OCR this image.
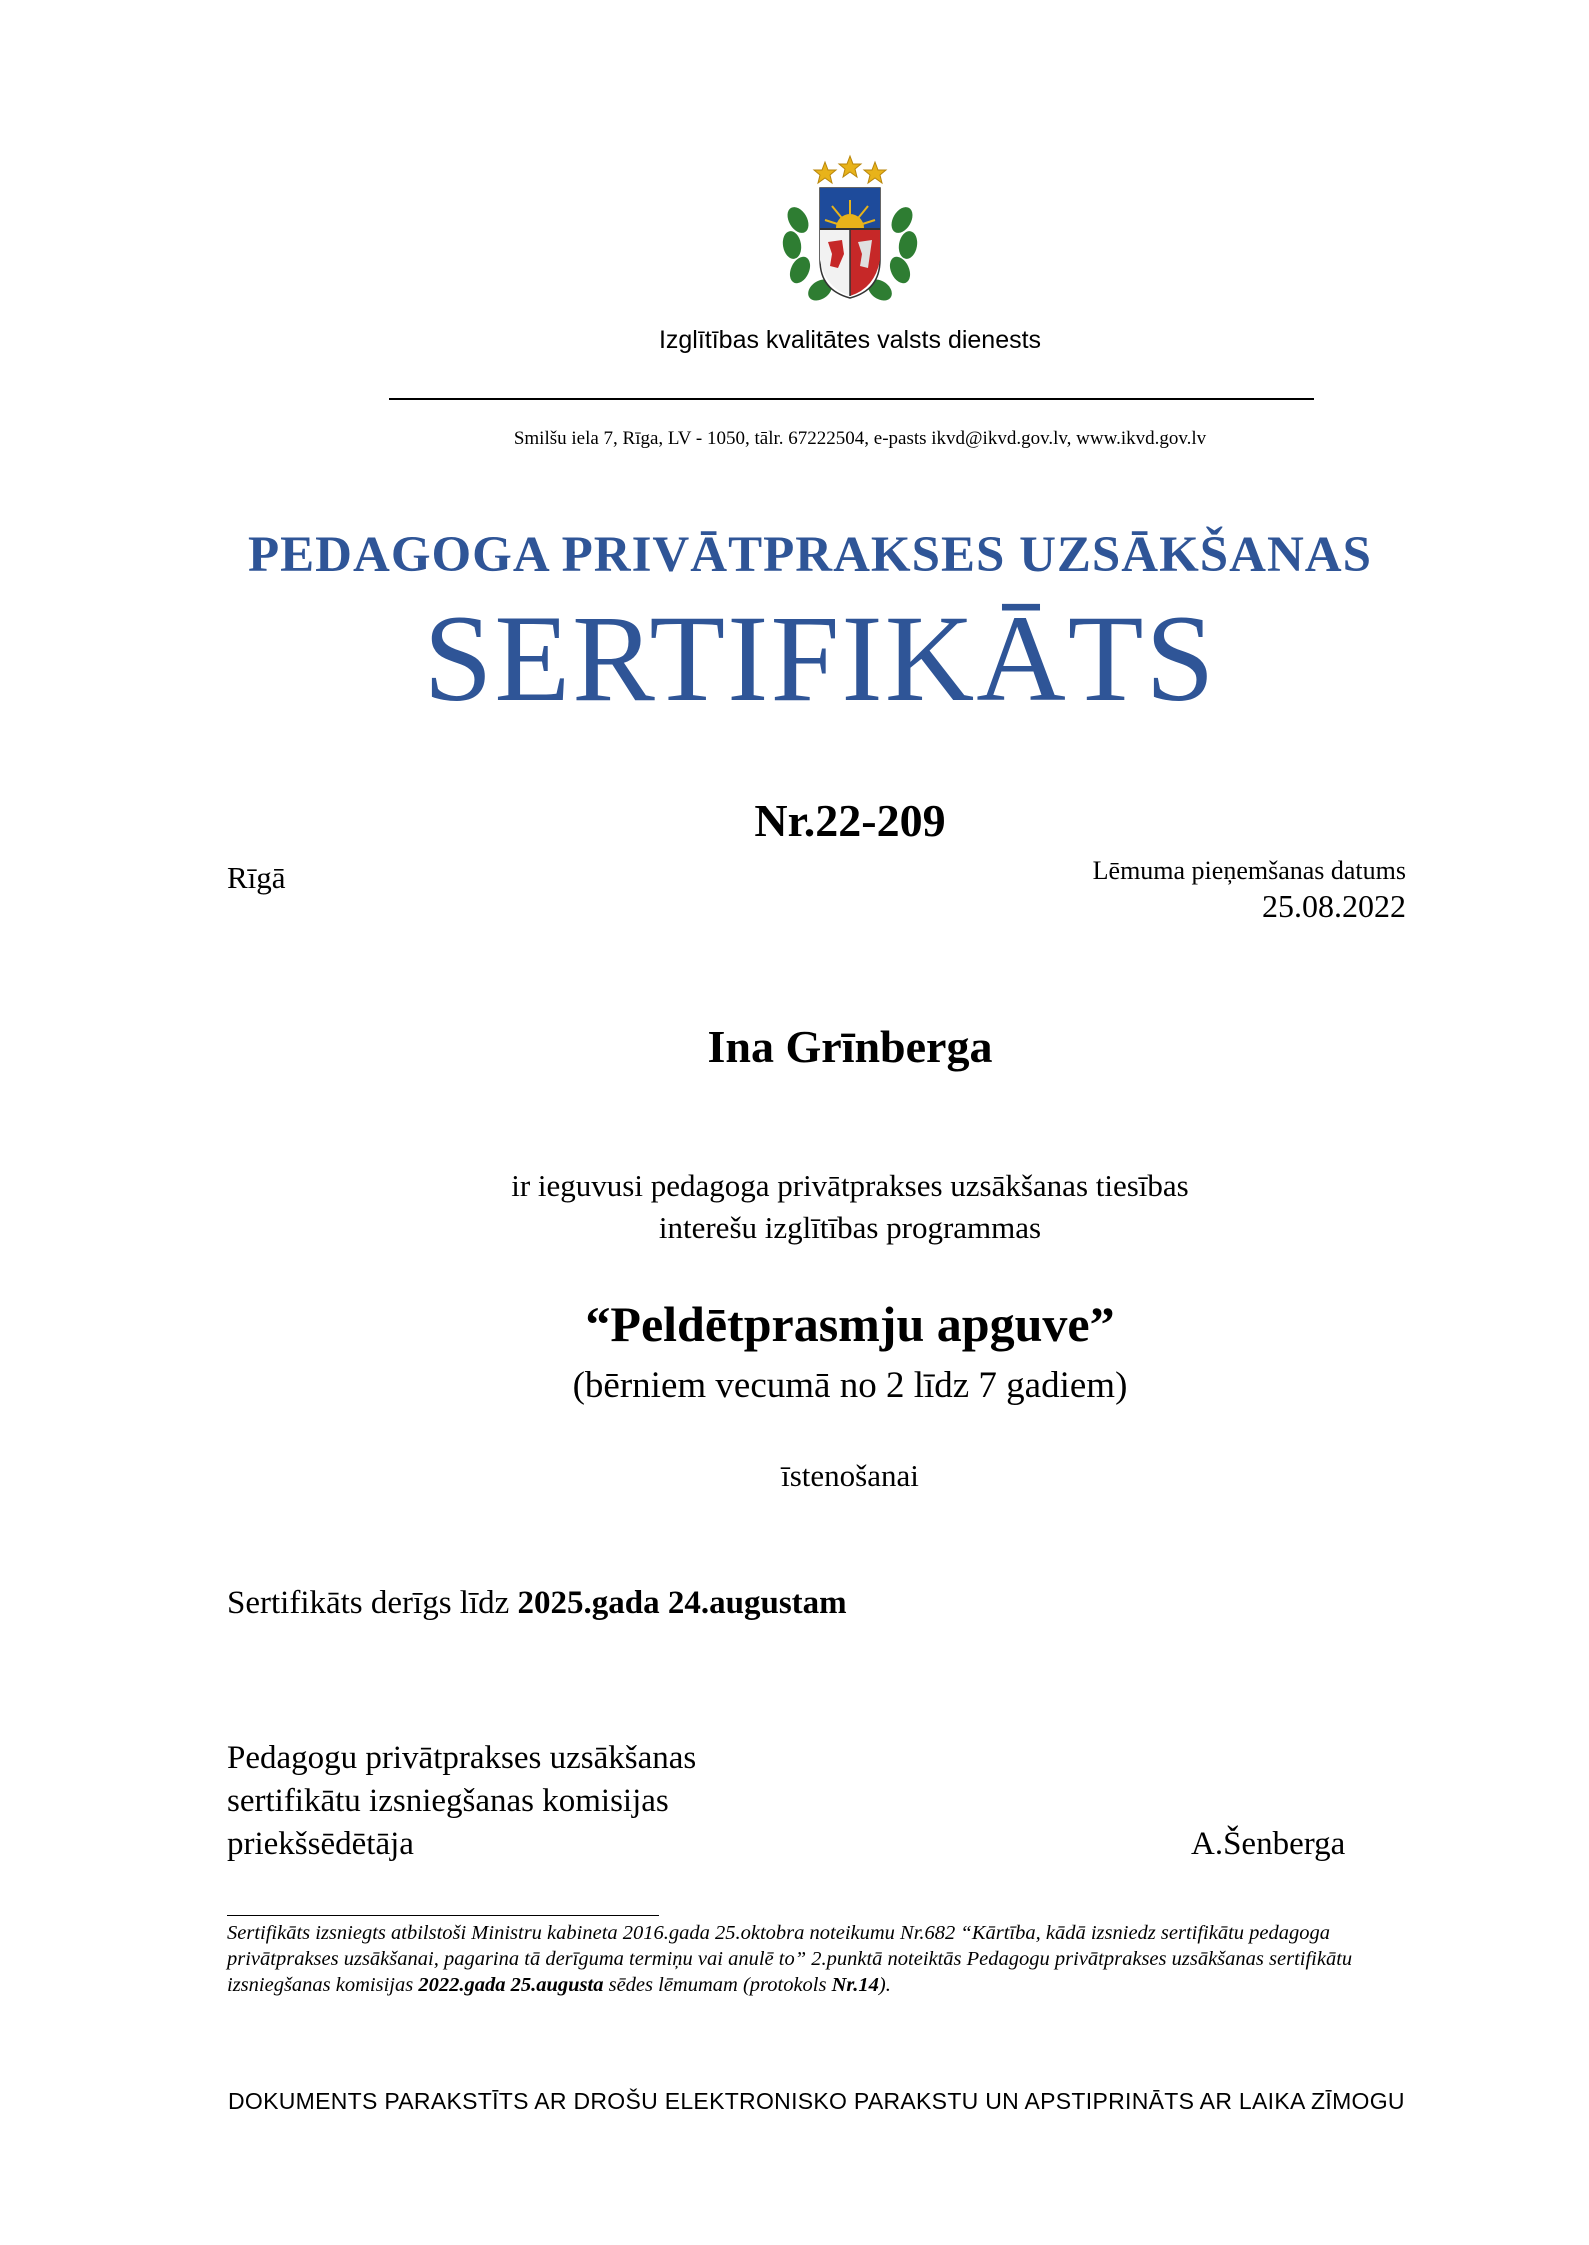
Izglītības kvalitātes valsts dienests
Smilšu iela 7, Rīga, LV - 1050, tālr. 67222504, e-pasts ikvd@ikvd.gov.lv, www.ikvd.gov.lv
PEDAGOGA PRIVĀTPRAKSES UZSĀKŠANAS
SERTIFIKĀTS
Nr.22-209
Rīgā	Lēmuma pieņemšanas datums
25.08.2022
Ina Grīnberga
ir ieguvusi pedagoga privātprakses uzsākšanas tiesības
interešu izglītības programmas
“Peldētprasmju apguve”
(bērniem vecumā no 2 līdz 7 gadiem)
īstenošanai
Sertifikāts derīgs līdz 2025.gada 24.augustam
Pedagogu privātprakses uzsākšanas
sertifikātu izsniegšanas komisijas
priekšsēdētāja	A.Šenberga
Sertifikāts izsniegts atbilstoši Ministru kabineta 2016.gada 25.oktobra noteikumu Nr.682 “Kārtība, kādā izsniedz sertifikātu pedagoga privātprakses uzsākšanai, pagarina tā derīguma termiņu vai anulē to” 2.punktā noteiktās Pedagogu privātprakses uzsākšanas sertifikātu izsniegšanas komisijas 2022.gada 25.augusta sēdes lēmumam (protokols Nr.14).
DOKUMENTS PARAKSTĪTS AR DROŠU ELEKTRONISKO PARAKSTU UN APSTIPRINĀTS AR LAIKA ZĪMOGU
